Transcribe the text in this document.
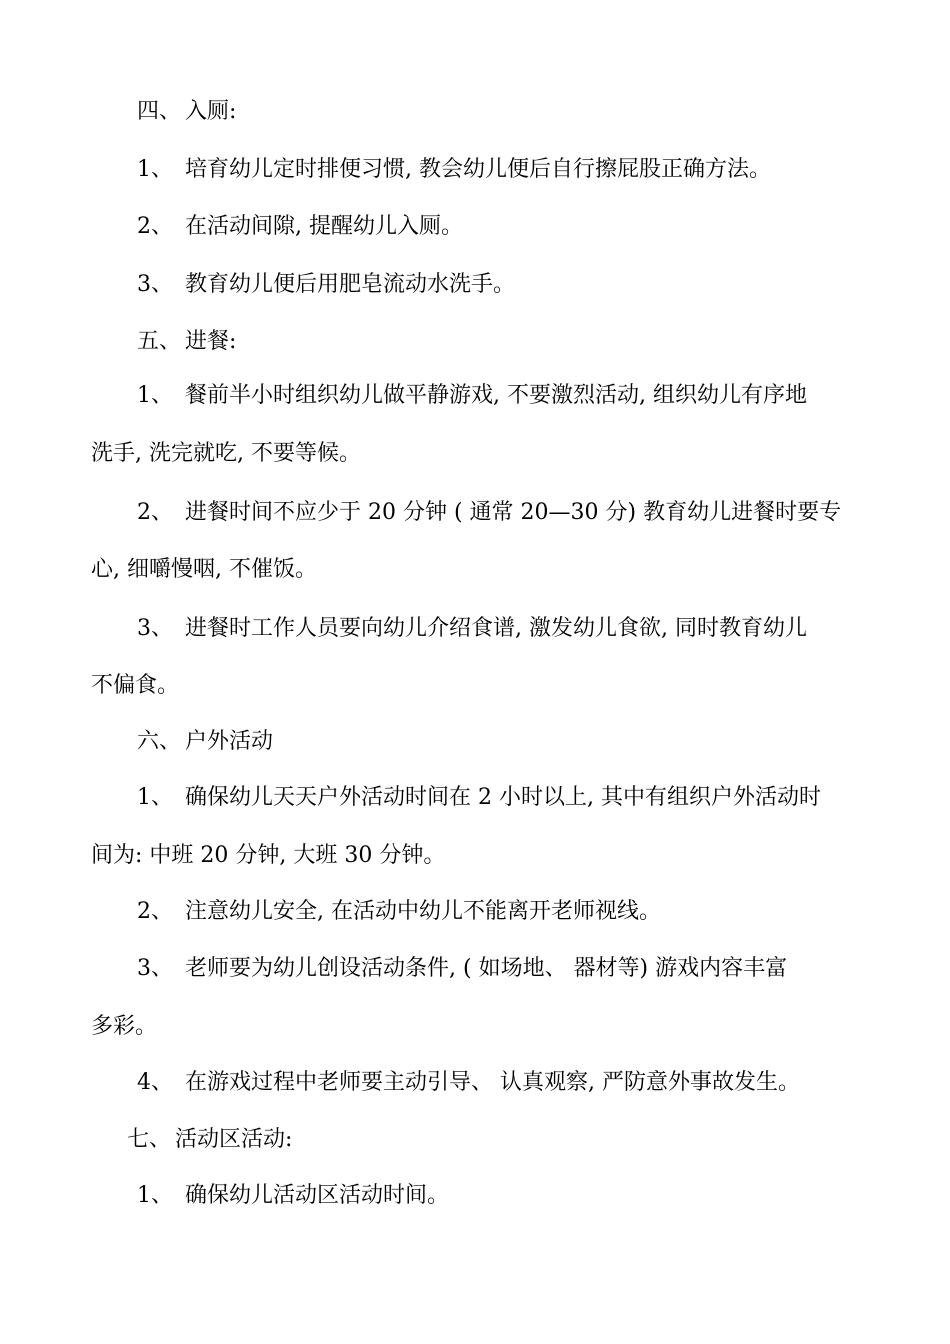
四、 入厕:
1、 培育幼儿定时排便习惯, 教会幼儿便后自行擦屁股正确方法。
2、 在活动间隙, 提醒幼儿入厕。
3、 教育幼儿便后用肥皂流动水洗手。
五、 进餐:
1、 餐前半小时组织幼儿做平静游戏, 不要激烈活动, 组织幼儿有序地
洗手, 洗完就吃, 不要等候。
2、 进餐时间不应少于 20 分钟 ( 通常 20—30 分) 教育幼儿进餐时要专
心, 细嚼慢咽, 不催饭。
3、 进餐时工作人员要向幼儿介绍食谱, 激发幼儿食欲, 同时教育幼儿
不偏食。
六、 户外活动
1、 确保幼儿天天户外活动时间在 2 小时以上, 其中有组织户外活动时
间为: 中班 20 分钟, 大班 30 分钟。
2、 注意幼儿安全, 在活动中幼儿不能离开老师视线。
3、 老师要为幼儿创设活动条件, ( 如场地、 器材等) 游戏内容丰富
多彩。
4、 在游戏过程中老师要主动引导、 认真观察, 严防意外事故发生。
七、 活动区活动:
1、 确保幼儿活动区活动时间。
